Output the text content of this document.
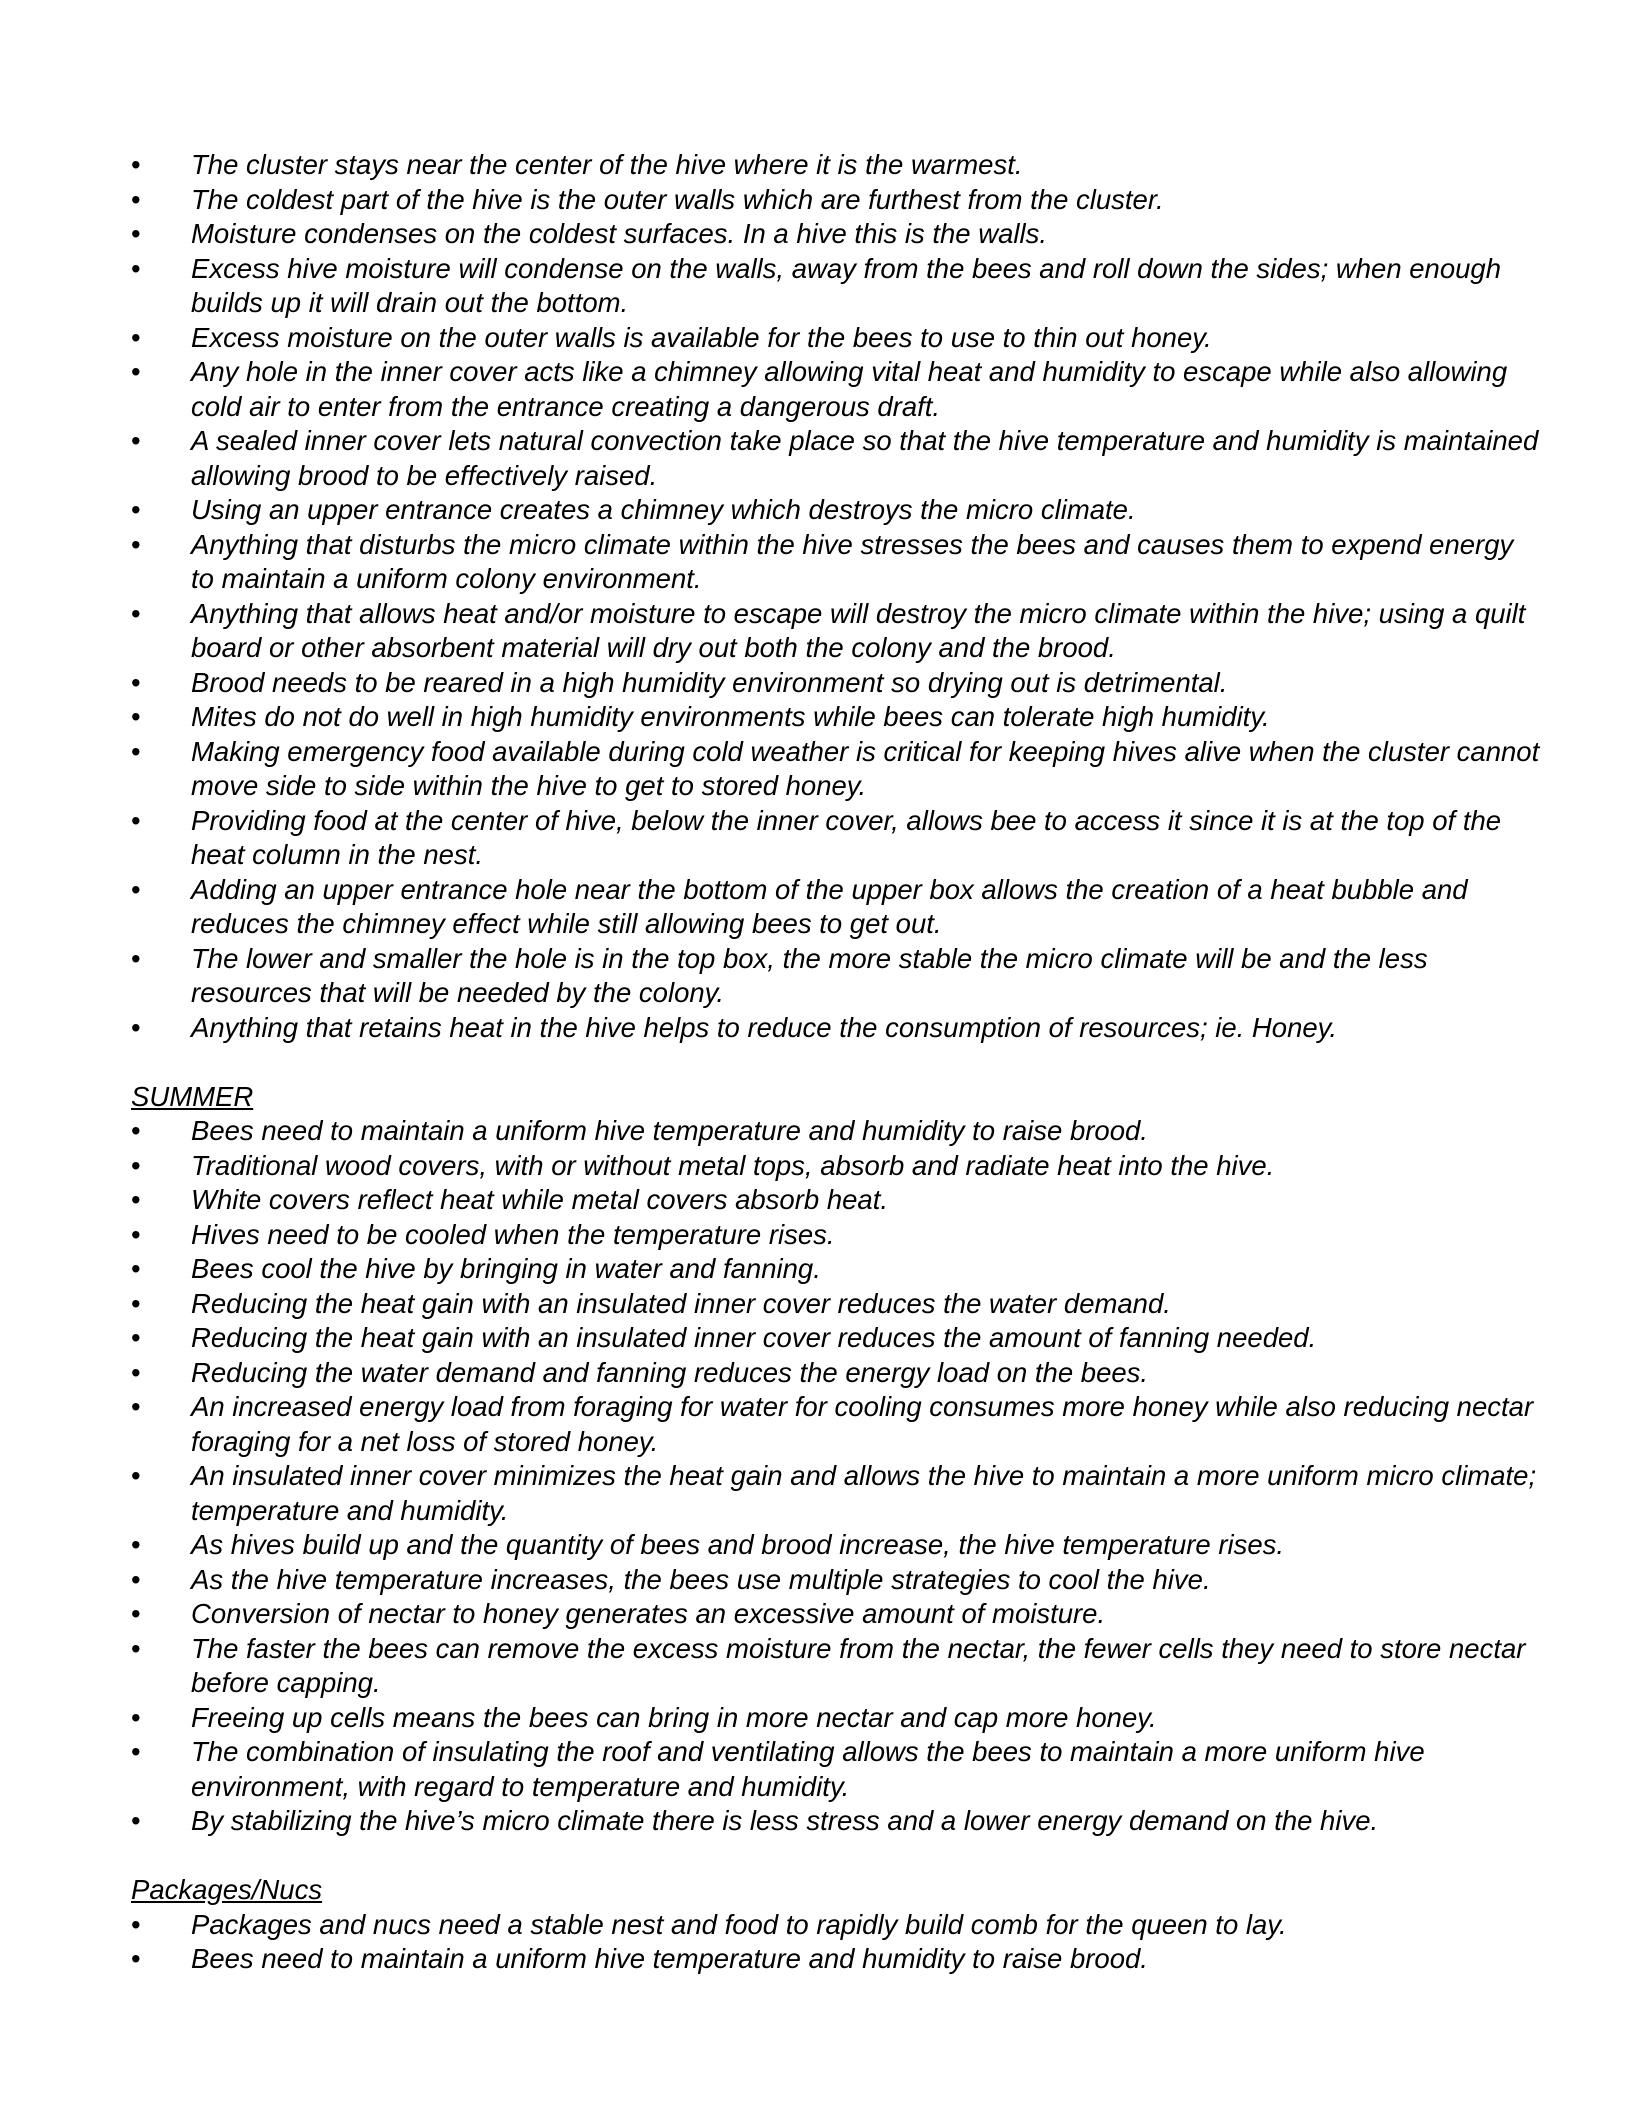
• The cluster stays near the center of the hive where it is the warmest.
• The coldest part of the hive is the outer walls which are furthest from the cluster.
• Moisture condenses on the coldest surfaces. In a hive this is the walls.
• Excess hive moisture will condense on the walls, away from the bees and roll down the sides; when enough builds up it will drain out the bottom.
• Excess moisture on the outer walls is available for the bees to use to thin out honey.
• Any hole in the inner cover acts like a chimney allowing vital heat and humidity to escape while also allowing cold air to enter from the entrance creating a dangerous draft.
• A sealed inner cover lets natural convection take place so that the hive temperature and humidity is maintained allowing brood to be effectively raised.
• Using an upper entrance creates a chimney which destroys the micro climate.
• Anything that disturbs the micro climate within the hive stresses the bees and causes them to expend energy to maintain a uniform colony environment.
• Anything that allows heat and/or moisture to escape will destroy the micro climate within the hive; using a quilt board or other absorbent material will dry out both the colony and the brood.
• Brood needs to be reared in a high humidity environment so drying out is detrimental.
• Mites do not do well in high humidity environments while bees can tolerate high humidity.
• Making emergency food available during cold weather is critical for keeping hives alive when the cluster cannot move side to side within the hive to get to stored honey.
• Providing food at the center of hive, below the inner cover, allows bee to access it since it is at the top of the heat column in the nest.
• Adding an upper entrance hole near the bottom of the upper box allows the creation of a heat bubble and reduces the chimney effect while still allowing bees to get out.
• The lower and smaller the hole is in the top box, the more stable the micro climate will be and the less resources that will be needed by the colony.
• Anything that retains heat in the hive helps to reduce the consumption of resources; ie. Honey.
SUMMER
• Bees need to maintain a uniform hive temperature and humidity to raise brood.
• Traditional wood covers, with or without metal tops, absorb and radiate heat into the hive.
• White covers reflect heat while metal covers absorb heat.
• Hives need to be cooled when the temperature rises.
• Bees cool the hive by bringing in water and fanning.
• Reducing the heat gain with an insulated inner cover reduces the water demand.
• Reducing the heat gain with an insulated inner cover reduces the amount of fanning needed.
• Reducing the water demand and fanning reduces the energy load on the bees.
• An increased energy load from foraging for water for cooling consumes more honey while also reducing nectar foraging for a net loss of stored honey.
• An insulated inner cover minimizes the heat gain and allows the hive to maintain a more uniform micro climate; temperature and humidity.
• As hives build up and the quantity of bees and brood increase, the hive temperature rises.
• As the hive temperature increases, the bees use multiple strategies to cool the hive.
• Conversion of nectar to honey generates an excessive amount of moisture.
• The faster the bees can remove the excess moisture from the nectar, the fewer cells they need to store nectar before capping.
• Freeing up cells means the bees can bring in more nectar and cap more honey.
• The combination of insulating the roof and ventilating allows the bees to maintain a more uniform hive environment, with regard to temperature and humidity.
• By stabilizing the hive’s micro climate there is less stress and a lower energy demand on the hive.
Packages/Nucs
• Packages and nucs need a stable nest and food to rapidly build comb for the queen to lay.
• Bees need to maintain a uniform hive temperature and humidity to raise brood.
